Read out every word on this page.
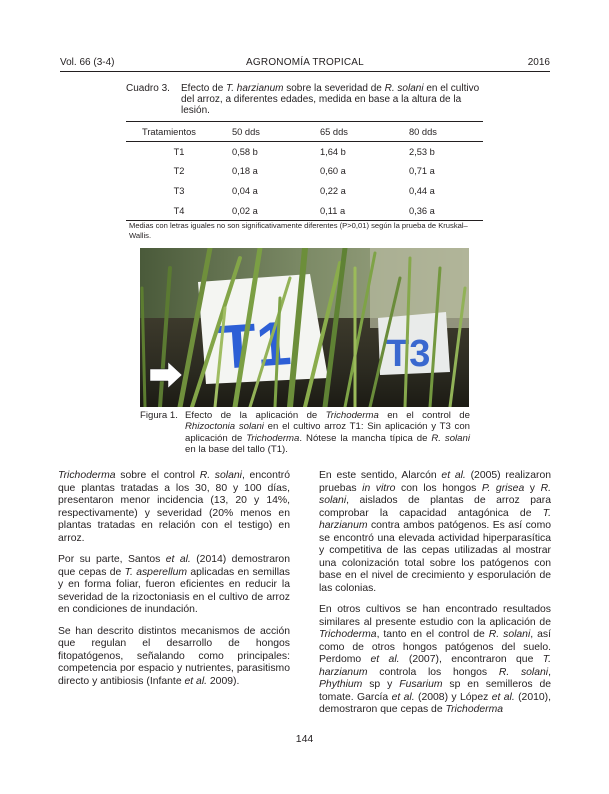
Vol. 66 (3-4)	AGRONOMÍA TROPICAL	2016
Cuadro 3. Efecto de T. harzianum sobre la severidad de R. solani en el cultivo del arroz, a diferentes edades, medida en base a la altura de la lesión.
Tratamientos	50 dds	65 dds	80 dds
T1	0,58 b	1,64 b	2,53 b
T2	0,18 a	0,60 a	0,71 a
T3	0,04 a	0,22 a	0,44 a
T4	0,02 a	0,11 a	0,36 a
Medias con letras iguales no son significativamente diferentes (P>0,01) según la prueba de Kruskal– Wallis.
T1 T3
Figura 1. Efecto de la aplicación de Trichoderma en el control de Rhizoctonia solani en el cultivo arroz T1: Sin aplicación y T3 con aplicación de Trichoderma. Nótese la mancha típica de R. solani en la base del tallo (T1).

Trichoderma sobre el control R. solani, encontró que plantas tratadas a los 30, 80 y 100 días, presentaron menor incidencia (13, 20 y 14%, respectivamente) y severidad (20% menos en plantas tratadas en relación con el testigo) en arroz.

Por su parte, Santos et al. (2014) demostraron que cepas de T. asperellum aplicadas en semillas y en forma foliar, fueron eficientes en reducir la severidad de la rizoctoniasis en el cultivo de arroz en condiciones de inundación.

Se han descrito distintos mecanismos de acción que regulan el desarrollo de hongos fitopatógenos, señalando como principales: competencia por espacio y nutrientes, parasitismo directo y antibiosis (Infante et al. 2009).

En este sentido, Alarcón et al. (2005) realizaron pruebas in vitro con los hongos P. grisea y R. solani, aislados de plantas de arroz para comprobar la capacidad antagónica de T. harzianum contra ambos patógenos. Es así como se encontró una elevada actividad hiperparasítica y competitiva de las cepas utilizadas al mostrar una colonización total sobre los patógenos con base en el nivel de crecimiento y esporulación de las colonias.

En otros cultivos se han encontrado resultados similares al presente estudio con la aplicación de Trichoderma, tanto en el control de R. solani, así como de otros hongos patógenos del suelo. Perdomo et al. (2007), encontraron que T. harzianum controla los hongos R. solani, Phythium sp y Fusarium sp en semilleros de tomate. García et al. (2008) y López et al. (2010), demostraron que cepas de Trichoderma

144
